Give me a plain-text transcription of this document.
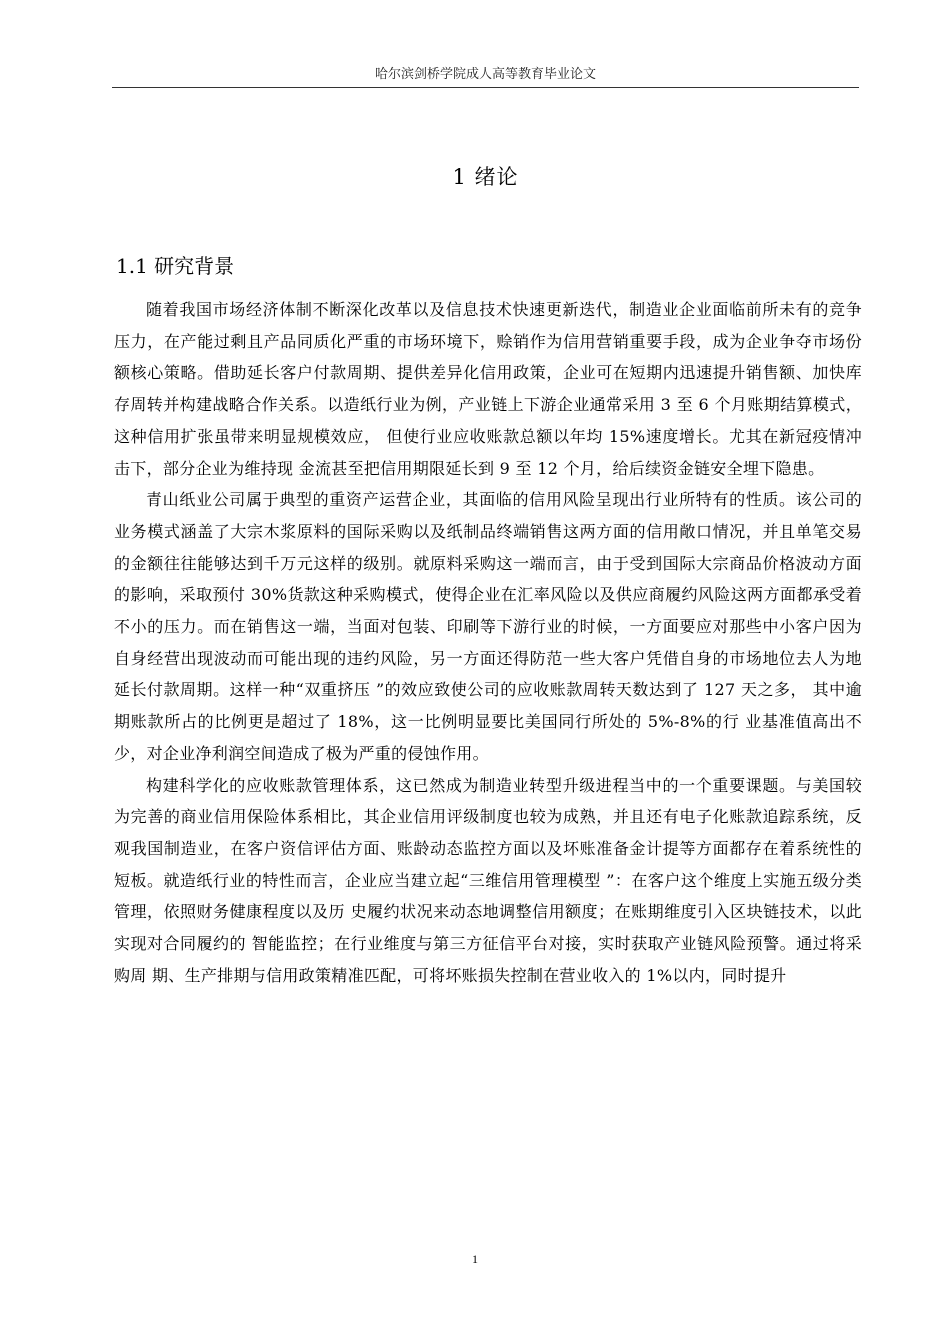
哈尔滨剑桥学院成人高等教育毕业论文
1 绪论
1.1 研究背景

随着我国市场经济体制不断深化改革以及信息技术快速更新迭代，制造业企业面临前所未有的竞争压力，在产能过剩且产品同质化严重的市场环境下，赊销作为信用营销重要手段，成为企业争夺市场份额核心策略。借助延长客户付款周期、提供差异化信用政策，企业可在短期内迅速提升销售额、加快库存周转并构建战略合作关系。以造纸行业为例，产业链上下游企业通常采用 3 至 6 个月账期结算模式，这种信用扩张虽带来明显规模效应， 但使行业应收账款总额以年均 15%速度增长。尤其在新冠疫情冲击下，部分企业为维持现 金流甚至把信用期限延长到 9 至 12 个月，给后续资金链安全埋下隐患。

青山纸业公司属于典型的重资产运营企业，其面临的信用风险呈现出行业所特有的性质。该公司的业务模式涵盖了大宗木浆原料的国际采购以及纸制品终端销售这两方面的信用敞口情况，并且单笔交易的金额往往能够达到千万元这样的级别。就原料采购这一端而言，由于受到国际大宗商品价格波动方面的影响，采取预付 30%货款这种采购模式，使得企业在汇率风险以及供应商履约风险这两方面都承受着不小的压力。而在销售这一端，当面对包装、印刷等下游行业的时候，一方面要应对那些中小客户因为自身经营出现波动而可能出现的违约风险，另一方面还得防范一些大客户凭借自身的市场地位去人为地延长付款周期。这样一种“双重挤压 ”的效应致使公司的应收账款周转天数达到了 127 天之多， 其中逾期账款所占的比例更是超过了 18%，这一比例明显要比美国同行所处的 5%-8%的行 业基准值高出不少，对企业净利润空间造成了极为严重的侵蚀作用。

构建科学化的应收账款管理体系，这已然成为制造业转型升级进程当中的一个重要课题。与美国较为完善的商业信用保险体系相比，其企业信用评级制度也较为成熟，并且还有电子化账款追踪系统，反观我国制造业，在客户资信评估方面、账龄动态监控方面以及坏账准备金计提等方面都存在着系统性的短板。就造纸行业的特性而言，企业应当建立起“三维信用管理模型 ”：在客户这个维度上实施五级分类管理，依照财务健康程度以及历 史履约状况来动态地调整信用额度；在账期维度引入区块链技术，以此实现对合同履约的 智能监控；在行业维度与第三方征信平台对接，实时获取产业链风险预警。通过将采购周 期、生产排期与信用政策精准匹配，可将坏账损失控制在营业收入的 1%以内，同时提升

1
